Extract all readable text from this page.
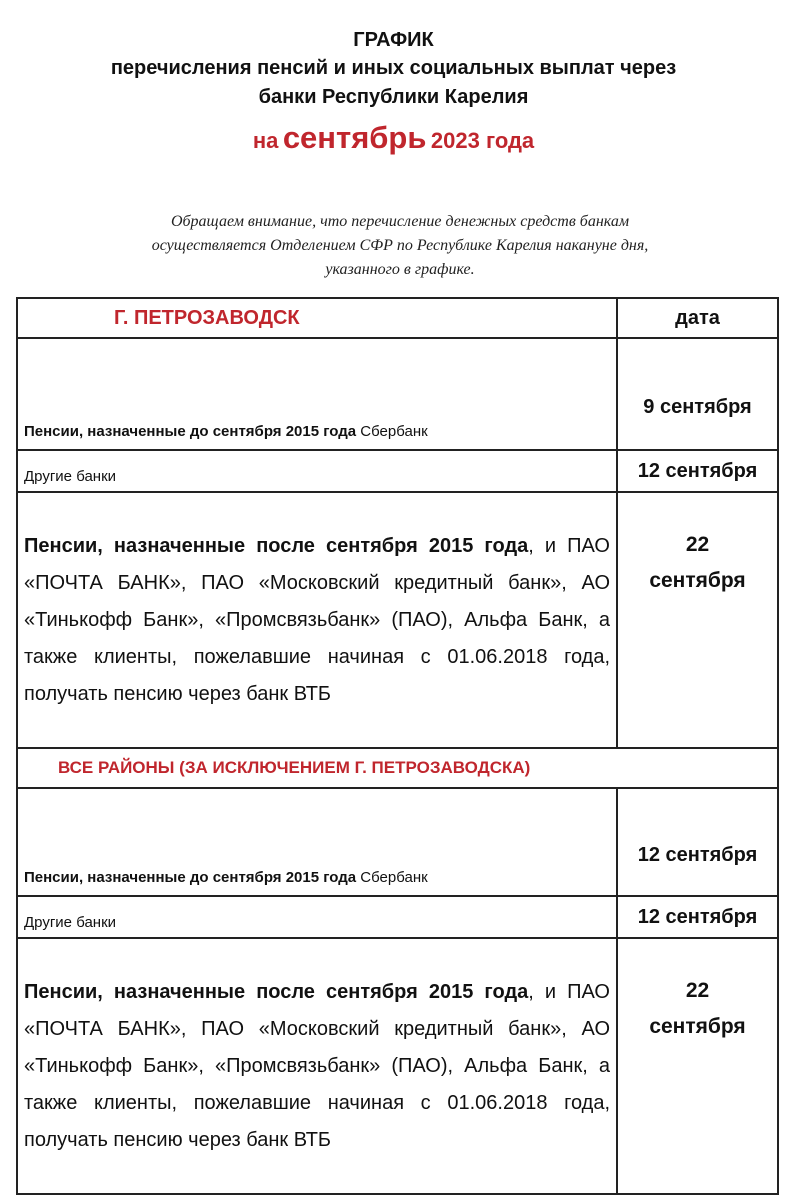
ГРАФИК
перечисления пенсий и иных социальных выплат через
банки Республики Карелия
на сентябрь 2023 года
Обращаем внимание, что перечисление денежных средств банкам
осуществляется Отделением СФР по Республике Карелия накануне дня,
указанного в графике.
Г. ПЕТРОЗАВОДСК	дата
Пенсии, назначенные до сентября 2015 года Сбербанк	9 сентября
Другие банки	12 сентября
Пенсии, назначенные после сентября 2015 года, и ПАО «ПОЧТА БАНК», ПАО «Московский кредитный банк», АО «Тинькофф Банк», «Промсвязьбанк» (ПАО), Альфа Банк, а также клиенты, пожелавшие начиная с 01.06.2018 года, получать пенсию через банк ВТБ	22
сентября

ВСЕ РАЙОНЫ (ЗА ИСКЛЮЧЕНИЕМ Г. ПЕТРОЗАВОДСКА)	
Пенсии, назначенные до сентября 2015 года Сбербанк	12 сентября
Другие банки	12 сентября
Пенсии, назначенные после сентября 2015 года, и ПАО «ПОЧТА БАНК», ПАО «Московский кредитный банк», АО «Тинькофф Банк», «Промсвязьбанк» (ПАО), Альфа Банк, а также клиенты, пожелавшие начиная с 01.06.2018 года, получать пенсию через банк ВТБ	22
сентября
